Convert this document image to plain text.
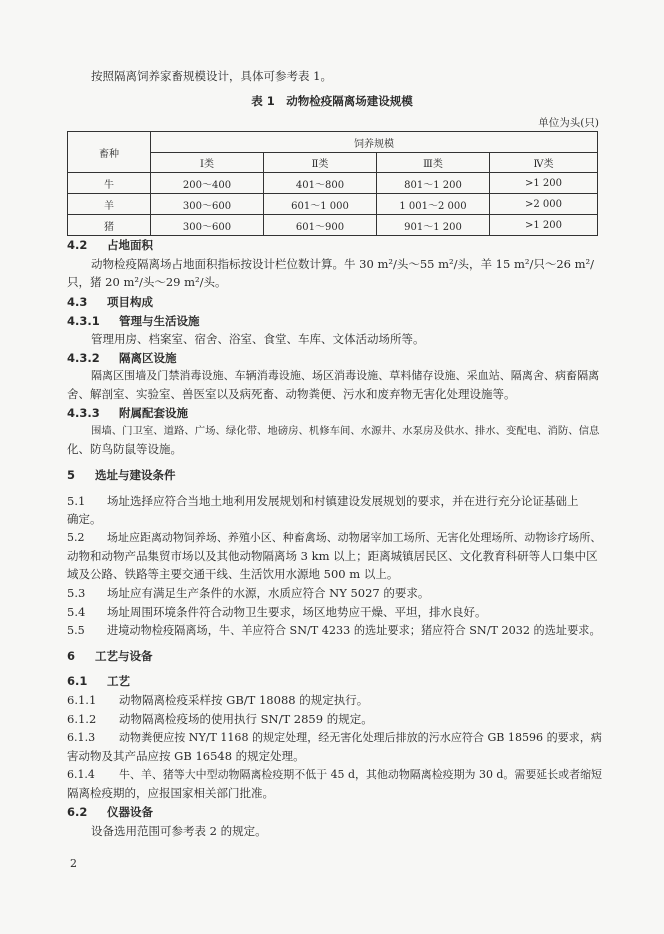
按照隔离饲养家畜规模设计，具体可参考表 1。
表 1　动物检疫隔离场建设规模
单位为头(只)
畜种	饲养规模			
	Ⅰ类	Ⅱ类	Ⅲ类	Ⅳ类
牛	200～400	401～800	801～1 200	>1 200
羊	300～600	601～1 000	1 001～2 000	>2 000
猪	300～600	601～900	901～1 200	>1 200
4.2 占地面积
动物检疫隔离场占地面积指标按设计栏位数计算。牛 30 m²/头～55 m²/头，羊 15 m²/只～26 m²/
只，猪 20 m²/头～29 m²/头。
4.3 项目构成
4.3.1 管理与生活设施
管理用房、档案室、宿舍、浴室、食堂、车库、文体活动场所等。
4.3.2 隔离区设施
隔离区围墙及门禁消毒设施、车辆消毒设施、场区消毒设施、草料储存设施、采血站、隔离舍、病畜隔离
舍、解剖室、实验室、兽医室以及病死畜、动物粪便、污水和废弃物无害化处理设施等。
4.3.3 附属配套设施
围墙、门卫室、道路、广场、绿化带、地磅房、机修车间、水源井、水泵房及供水、排水、变配电、消防、信息
化、防鸟防鼠等设施。
5 选址与建设条件
5.1 场址选择应符合当地土地利用发展规划和村镇建设发展规划的要求，并在进行充分论证基础上
确定。
5.2 场址应距离动物饲养场、养殖小区、种畜禽场、动物屠宰加工场所、无害化处理场所、动物诊疗场所、
动物和动物产品集贸市场以及其他动物隔离场 3 km 以上；距离城镇居民区、文化教育科研等人口集中区
域及公路、铁路等主要交通干线、生活饮用水源地 500 m 以上。
5.3 场址应有满足生产条件的水源，水质应符合 NY 5027 的要求。
5.4 场址周围环境条件符合动物卫生要求，场区地势应干燥、平坦，排水良好。
5.5 进境动物检疫隔离场，牛、羊应符合 SN/T 4233 的选址要求；猪应符合 SN/T 2032 的选址要求。
6 工艺与设备
6.1 工艺
6.1.1 动物隔离检疫采样按 GB/T 18088 的规定执行。
6.1.2 动物隔离检疫场的使用执行 SN/T 2859 的规定。
6.1.3 动物粪便应按 NY/T 1168 的规定处理，经无害化处理后排放的污水应符合 GB 18596 的要求，病
害动物及其产品应按 GB 16548 的规定处理。
6.1.4 牛、羊、猪等大中型动物隔离检疫期不低于 45 d，其他动物隔离检疫期为 30 d。需要延长或者缩短
隔离检疫期的，应报国家相关部门批准。
6.2 仪器设备
设备选用范围可参考表 2 的规定。
2
